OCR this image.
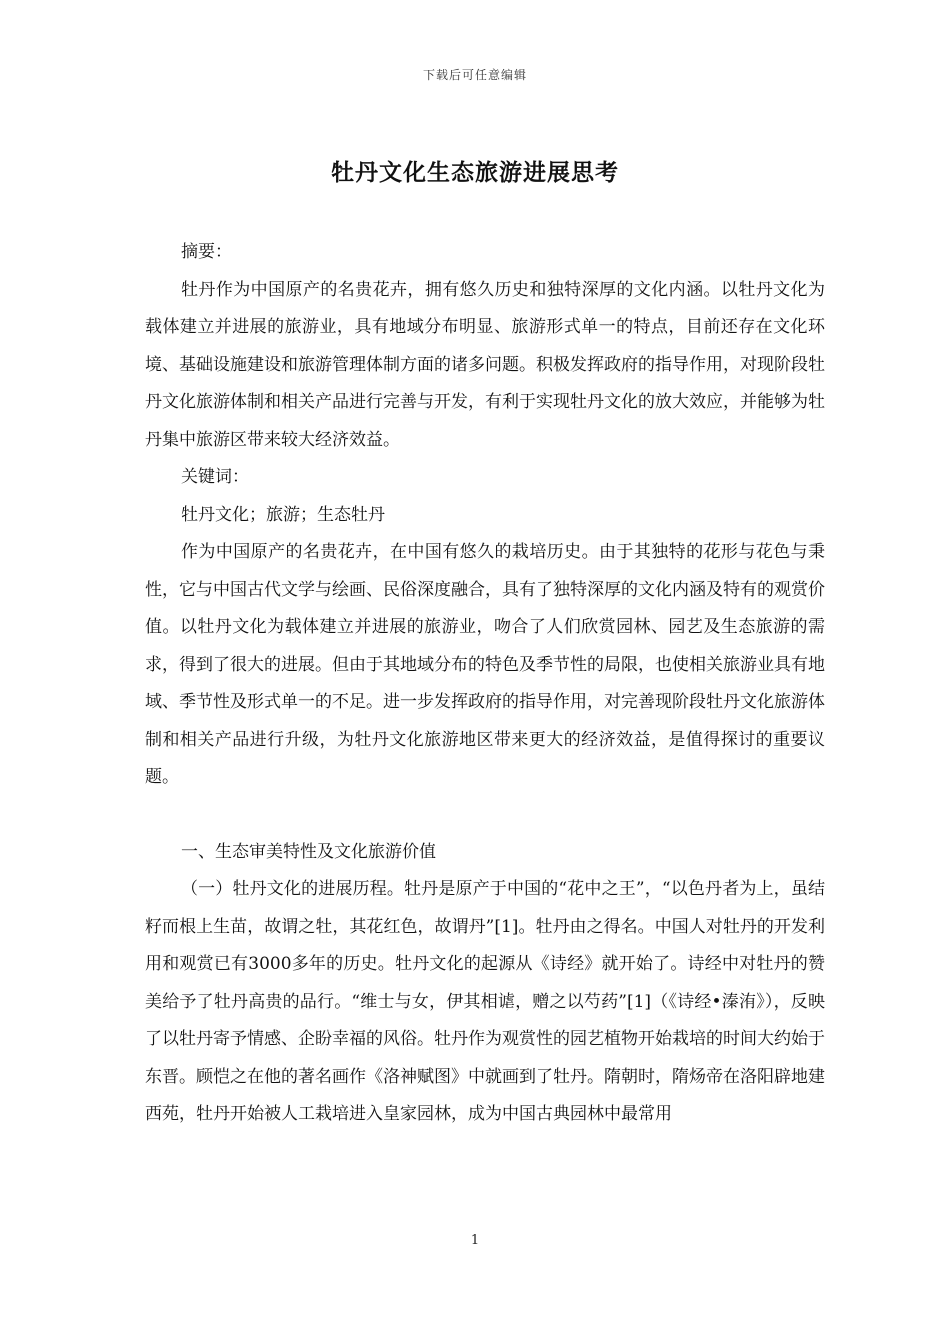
下载后可任意编辑
牡丹文化生态旅游进展思考

摘要：

牡丹作为中国原产的名贵花卉，拥有悠久历史和独特深厚的文化内涵。以牡丹文化为载体建立并进展的旅游业，具有地域分布明显、旅游形式单一的特点，目前还存在文化环境、基础设施建设和旅游管理体制方面的诸多问题。积极发挥政府的指导作用，对现阶段牡丹文化旅游体制和相关产品进行完善与开发，有利于实现牡丹文化的放大效应，并能够为牡丹集中旅游区带来较大经济效益。

关键词：

牡丹文化；旅游；生态牡丹

作为中国原产的名贵花卉，在中国有悠久的栽培历史。由于其独特的花形与花色与秉性，它与中国古代文学与绘画、民俗深度融合，具有了独特深厚的文化内涵及特有的观赏价值。以牡丹文化为载体建立并进展的旅游业，吻合了人们欣赏园林、园艺及生态旅游的需求，得到了很大的进展。但由于其地域分布的特色及季节性的局限，也使相关旅游业具有地域、季节性及形式单一的不足。进一步发挥政府的指导作用，对完善现阶段牡丹文化旅游体制和相关产品进行升级，为牡丹文化旅游地区带来更大的经济效益，是值得探讨的重要议题。

一、生态审美特性及文化旅游价值

（一）牡丹文化的进展历程。牡丹是原产于中国的“花中之王”，“以色丹者为上，虽结籽而根上生苗，故谓之牡，其花红色，故谓丹”[1]。牡丹由之得名。中国人对牡丹的开发利用和观赏已有3000多年的历史。牡丹文化的起源从《诗经》就开始了。诗经中对牡丹的赞美给予了牡丹高贵的品行。“维士与女，伊其相谑，赠之以芍药”[1]（《诗经•溱洧》），反映了以牡丹寄予情感、企盼幸福的风俗。牡丹作为观赏性的园艺植物开始栽培的时间大约始于东晋。顾恺之在他的著名画作《洛神赋图》中就画到了牡丹。隋朝时，隋炀帝在洛阳辟地建西苑，牡丹开始被人工栽培进入皇家园林，成为中国古典园林中最常用

1
